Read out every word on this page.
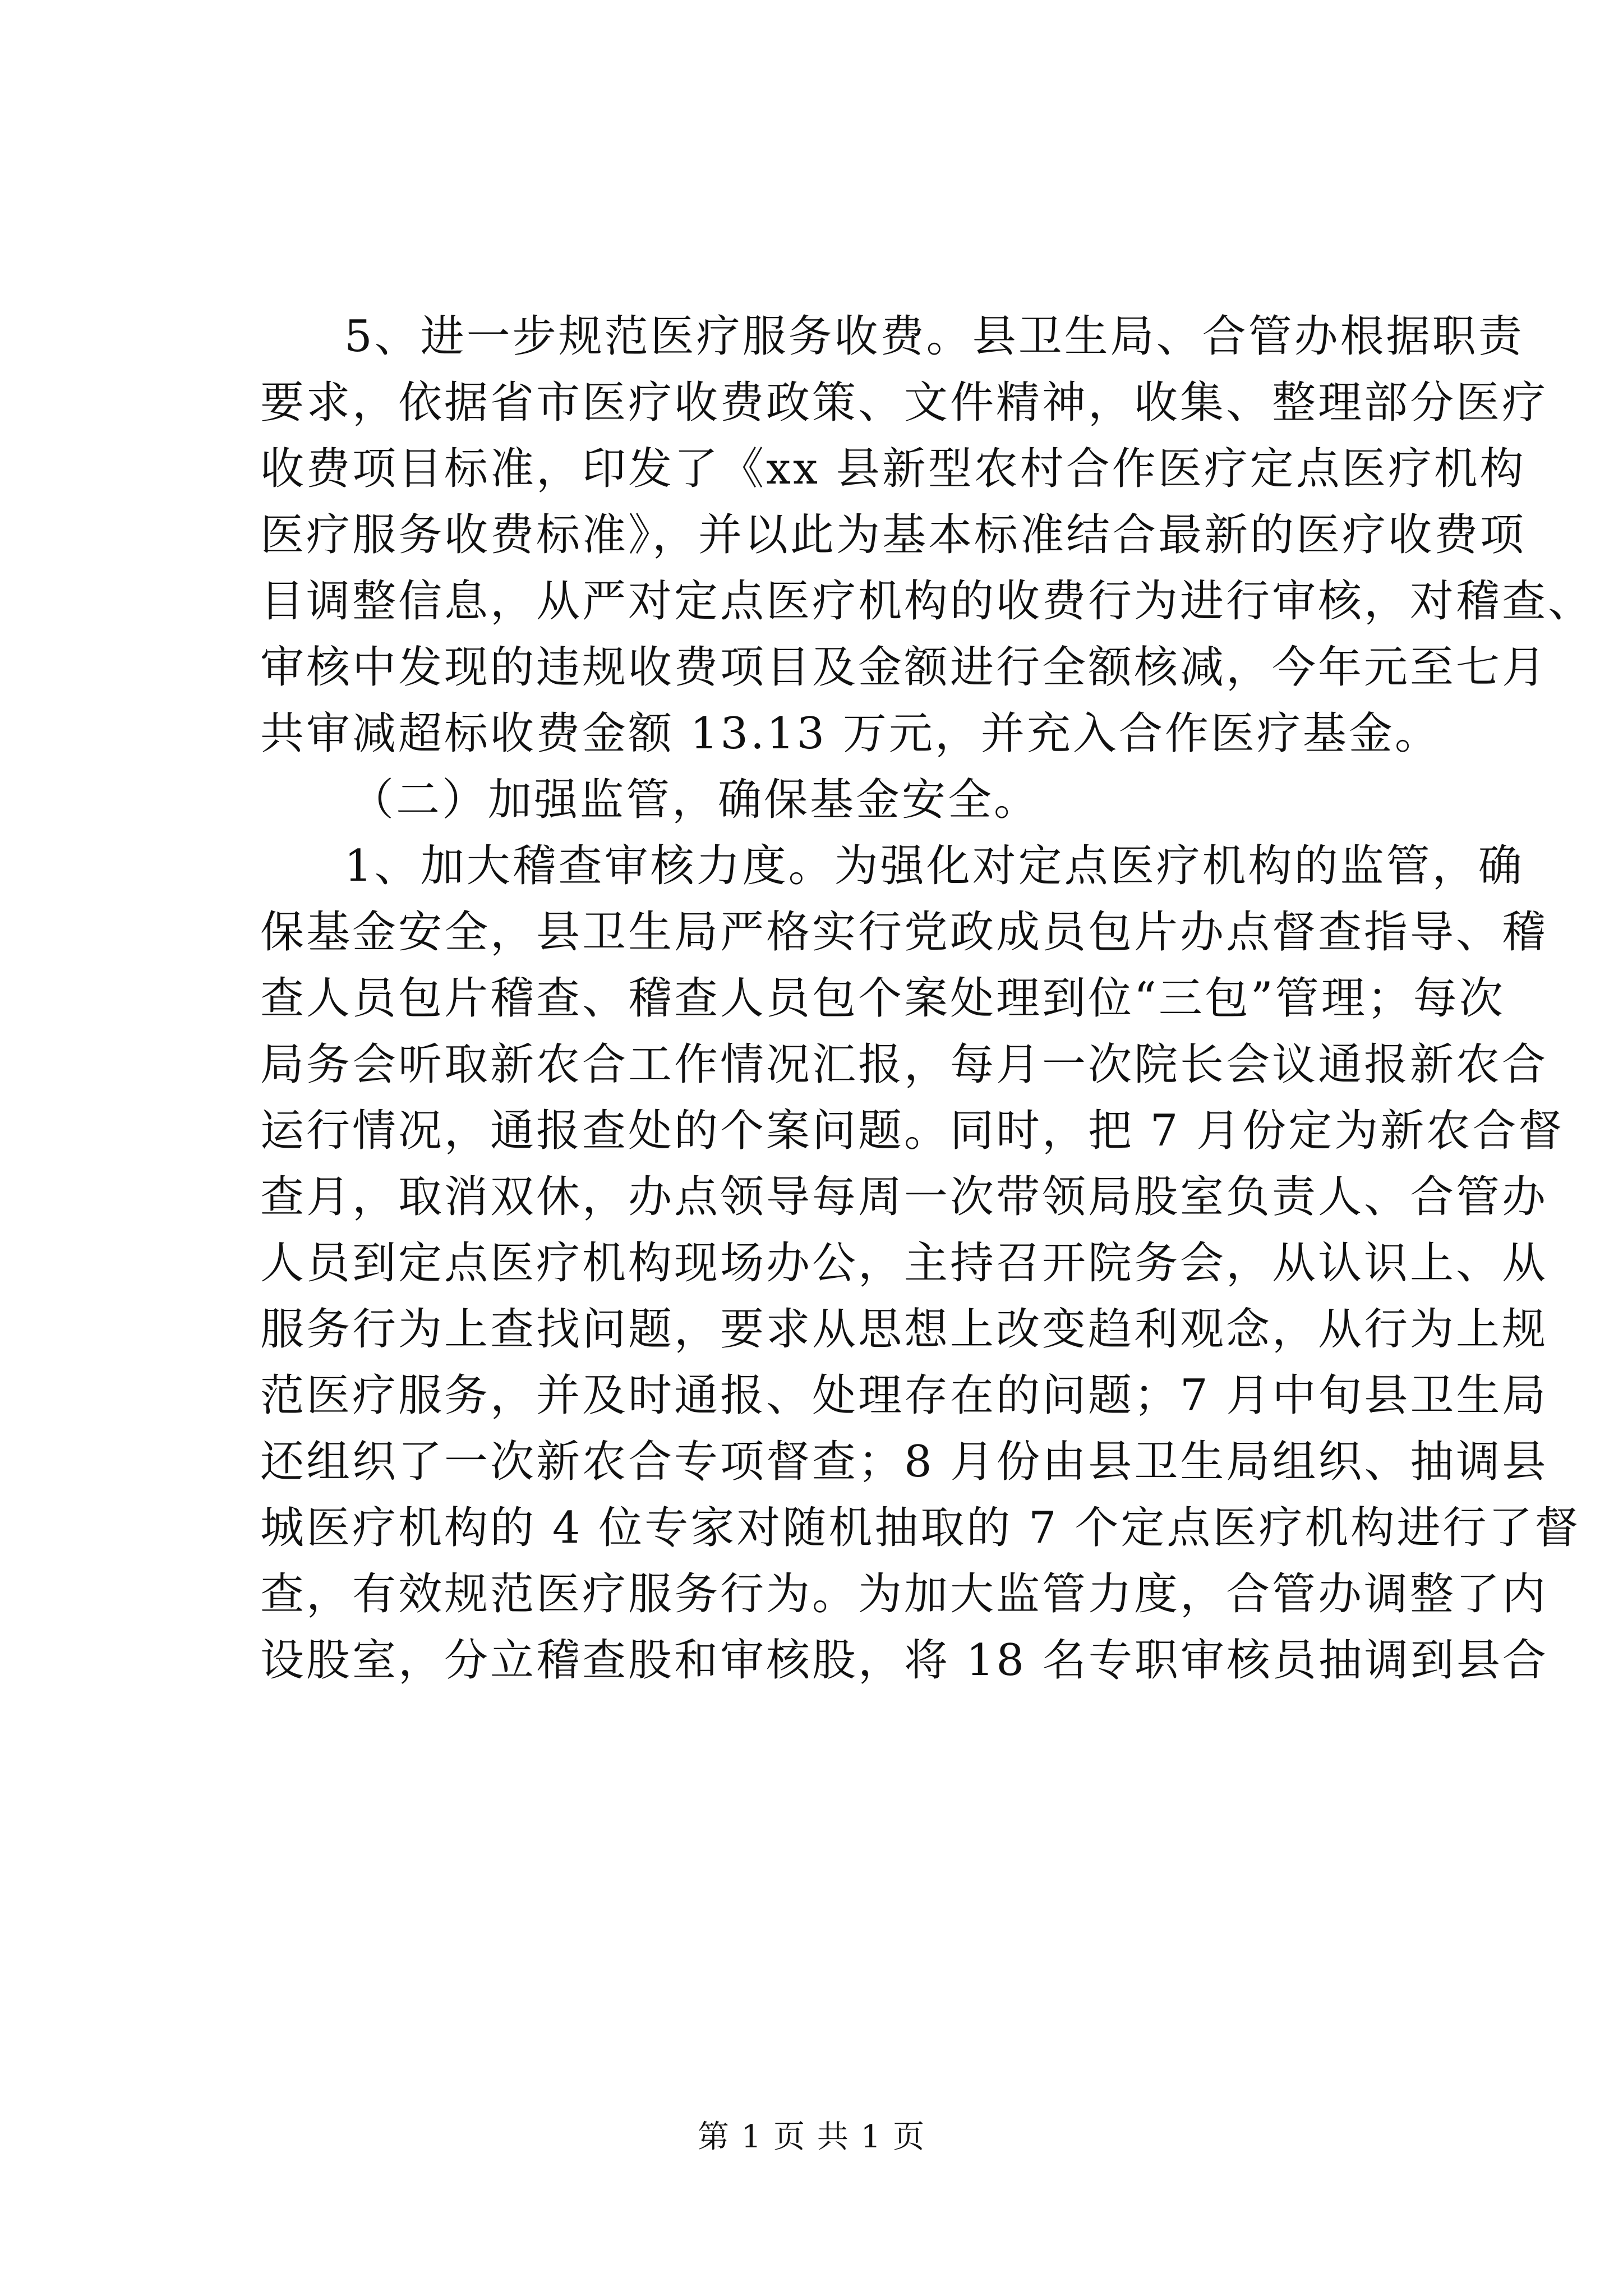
5、进一步规范医疗服务收费。县卫生局、合管办根据职责
要求，依据省市医疗收费政策、文件精神，收集、整理部分医疗
收费项目标准，印发了《xx 县新型农村合作医疗定点医疗机构
医疗服务收费标准》，并以此为基本标准结合最新的医疗收费项
目调整信息，从严对定点医疗机构的收费行为进行审核，对稽查、
审核中发现的违规收费项目及金额进行全额核减，今年元至七月
共审减超标收费金额 13.13 万元，并充入合作医疗基金。
（二）加强监管，确保基金安全。
1、加大稽查审核力度。为强化对定点医疗机构的监管，确
保基金安全，县卫生局严格实行党政成员包片办点督查指导、稽
查人员包片稽查、稽查人员包个案处理到位“三包”管理；每次
局务会听取新农合工作情况汇报，每月一次院长会议通报新农合
运行情况，通报查处的个案问题。同时，把 7 月份定为新农合督
查月，取消双休，办点领导每周一次带领局股室负责人、合管办
人员到定点医疗机构现场办公，主持召开院务会，从认识上、从
服务行为上查找问题，要求从思想上改变趋利观念，从行为上规
范医疗服务，并及时通报、处理存在的问题；7 月中旬县卫生局
还组织了一次新农合专项督查；8 月份由县卫生局组织、抽调县
城医疗机构的 4 位专家对随机抽取的 7 个定点医疗机构进行了督
查，有效规范医疗服务行为。为加大监管力度，合管办调整了内
设股室，分立稽查股和审核股，将 18 名专职审核员抽调到县合
第 1 页 共 1 页
